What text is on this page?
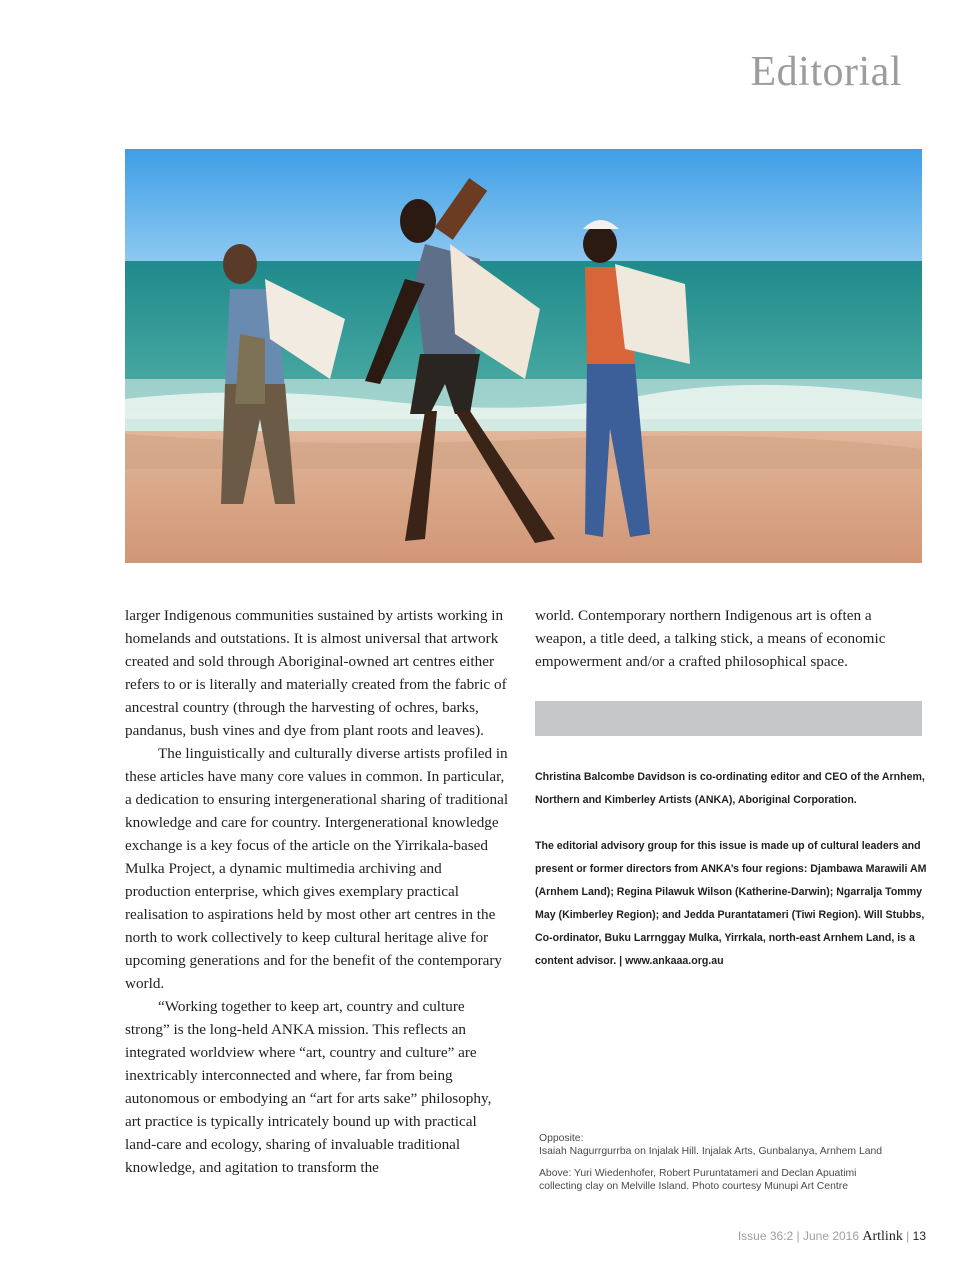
Editorial

larger Indigenous communities sustained by artists working in homelands and outstations. It is almost universal that artwork created and sold through Aboriginal-owned art centres either refers to or is literally and materially created from the fabric of ancestral country (through the harvesting of ochres, barks, pandanus, bush vines and dye from plant roots and leaves).

The linguistically and culturally diverse artists profiled in these articles have many core values in common. In particular, a dedication to ensuring intergenerational sharing of traditional knowledge and care for country. Intergenerational knowledge exchange is a key focus of the article on the Yirrikala-based Mulka Project, a dynamic multimedia archiving and production enterprise, which gives exemplary practical realisation to aspirations held by most other art centres in the north to work collectively to keep cultural heritage alive for upcoming generations and for the benefit of the contemporary world.

“Working together to keep art, country and culture strong” is the long-held ANKA mission. This reflects an integrated worldview where “art, country and culture” are inextricably interconnected and where, far from being autonomous or embodying an “art for arts sake” philosophy, art practice is typically intricately bound up with practical land-care and ecology, sharing of invaluable traditional knowledge, and agitation to transform the

world. Contemporary northern Indigenous art is often a weapon, a title deed, a talking stick, a means of economic empowerment and/or a crafted philosophical space.

Christina Balcombe Davidson is co-ordinating editor and CEO of the Arnhem, Northern and Kimberley Artists (ANKA), Aboriginal Corporation.

The editorial advisory group for this issue is made up of cultural leaders and present or former directors from ANKA’s four regions: Djambawa Marawili AM (Arnhem Land); Regina Pilawuk Wilson (Katherine-Darwin); Ngarralja Tommy May (Kimberley Region); and Jedda Purantatameri (Tiwi Region). Will Stubbs, Co-ordinator, Buku Larrnggay Mulka, Yirrkala, north-east Arnhem Land, is a content advisor. | www.ankaaa.org.au

Opposite:
Isaiah Nagurrgurrba on Injalak Hill. Injalak Arts, Gunbalanya, Arnhem Land

Above: Yuri Wiedenhofer, Robert Puruntatameri and Declan Apuatimi
collecting clay on Melville Island. Photo courtesy Munupi Art Centre

Issue 36:2 | June 2016 Artlink | 13
